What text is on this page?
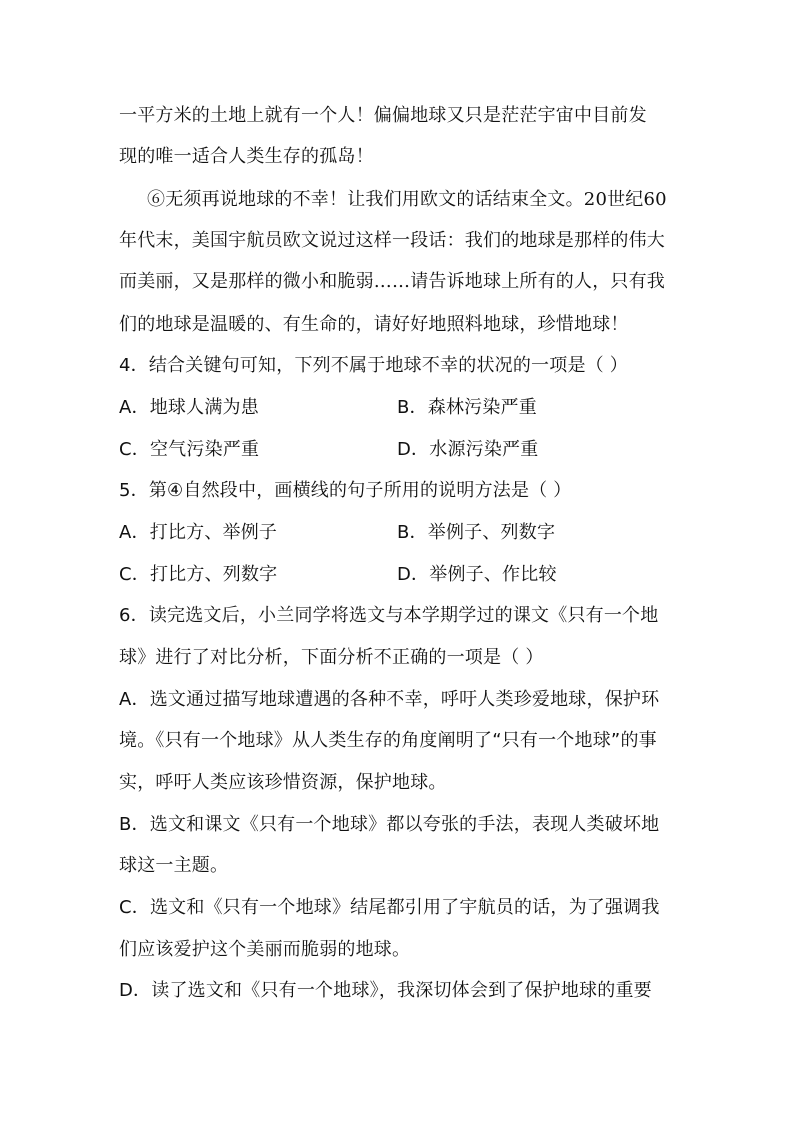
一平方米的土地上就有一个人！偏偏地球又只是茫茫宇宙中目前发
现的唯一适合人类生存的孤岛！
⑥无须再说地球的不幸！让我们用欧文的话结束全文。20世纪60
年代末，美国宇航员欧文说过这样一段话：我们的地球是那样的伟大
而美丽，又是那样的微小和脆弱……请告诉地球上所有的人，只有我
们的地球是温暖的、有生命的，请好好地照料地球，珍惜地球！
4．结合关键句可知，下列不属于地球不幸的状况的一项是（ ）
A．地球人满为患	B．森林污染严重
C．空气污染严重	D．水源污染严重
5．第④自然段中，画横线的句子所用的说明方法是（ ）
A．打比方、举例子	B．举例子、列数字
C．打比方、列数字	D．举例子、作比较
6．读完选文后，小兰同学将选文与本学期学过的课文《只有一个地
球》进行了对比分析，下面分析不正确的一项是（ ）
A．选文通过描写地球遭遇的各种不幸，呼吁人类珍爱地球，保护环
境。《只有一个地球》从人类生存的角度阐明了“只有一个地球”的事
实，呼吁人类应该珍惜资源，保护地球。
B．选文和课文《只有一个地球》都以夸张的手法，表现人类破坏地
球这一主题。
C．选文和《只有一个地球》结尾都引用了宇航员的话，为了强调我
们应该爱护这个美丽而脆弱的地球。
D．读了选文和《只有一个地球》，我深切体会到了保护地球的重要
